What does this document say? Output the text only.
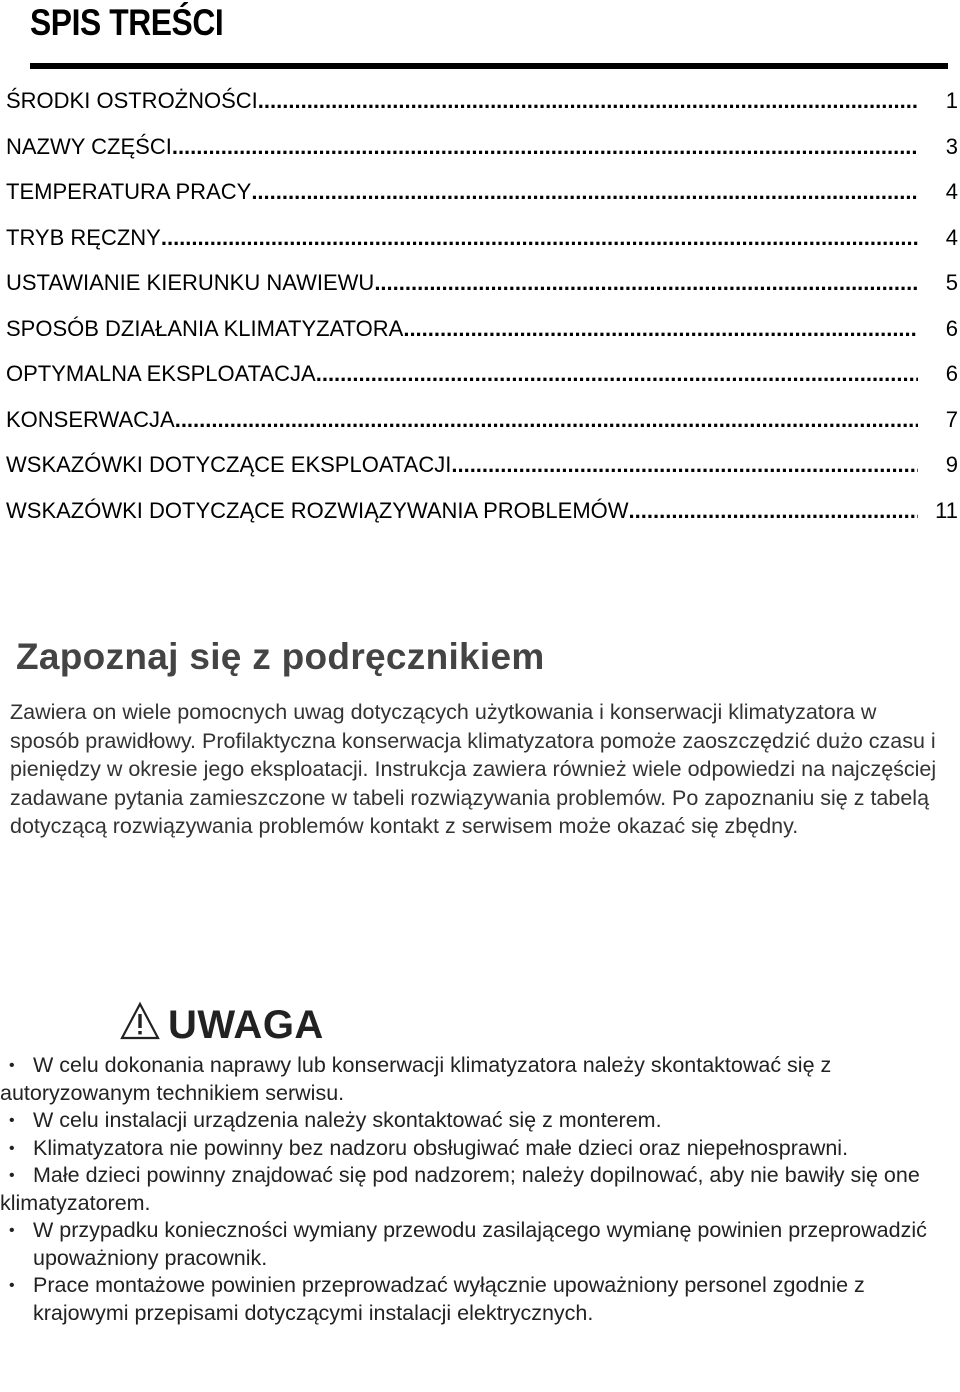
SPIS TREŚCI
ŚRODKI OSTROŻNOŚCI .....	1
NAZWY CZĘŚCI .....	3
TEMPERATURA PRACY .....	4
TRYB RĘCZNY .....	4
USTAWIANIE KIERUNKU NAWIEWU .....	5
SPOSÓB DZIAŁANIA KLIMATYZATORA .....	6
OPTYMALNA EKSPLOATACJA .....	6
KONSERWACJA .....	7
WSKAZÓWKI DOTYCZĄCE EKSPLOATACJI .....	9
WSKAZÓWKI DOTYCZĄCE ROZWIĄZYWANIA PROBLEMÓW .....	11
Zapoznaj się z podręcznikiem

Zawiera on wiele pomocnych uwag dotyczących użytkowania i konserwacji klimatyzatora w sposób prawidłowy. Profilaktyczna konserwacja klimatyzatora pomoże zaoszczędzić dużo czasu i pieniędzy w okresie jego eksploatacji. Instrukcja zawiera również wiele odpowiedzi na najczęściej zadawane pytania zamieszczone w tabeli rozwiązywania problemów. Po zapoznaniu się z tabelą dotyczącą rozwiązywania problemów kontakt z serwisem może okazać się zbędny.

UWAGA
• W celu dokonania naprawy lub konserwacji klimatyzatora należy skontaktować się z autoryzowanym technikiem serwisu.
• W celu instalacji urządzenia należy skontaktować się z monterem.
• Klimatyzatora nie powinny bez nadzoru obsługiwać małe dzieci oraz niepełnosprawni.
• Małe dzieci powinny znajdować się pod nadzorem; należy dopilnować, aby nie bawiły się one klimatyzatorem.
• W przypadku konieczności wymiany przewodu zasilającego wymianę powinien przeprowadzić upoważniony pracownik.
• Prace montażowe powinien przeprowadzać wyłącznie upoważniony personel zgodnie z krajowymi przepisami dotyczącymi instalacji elektrycznych.
